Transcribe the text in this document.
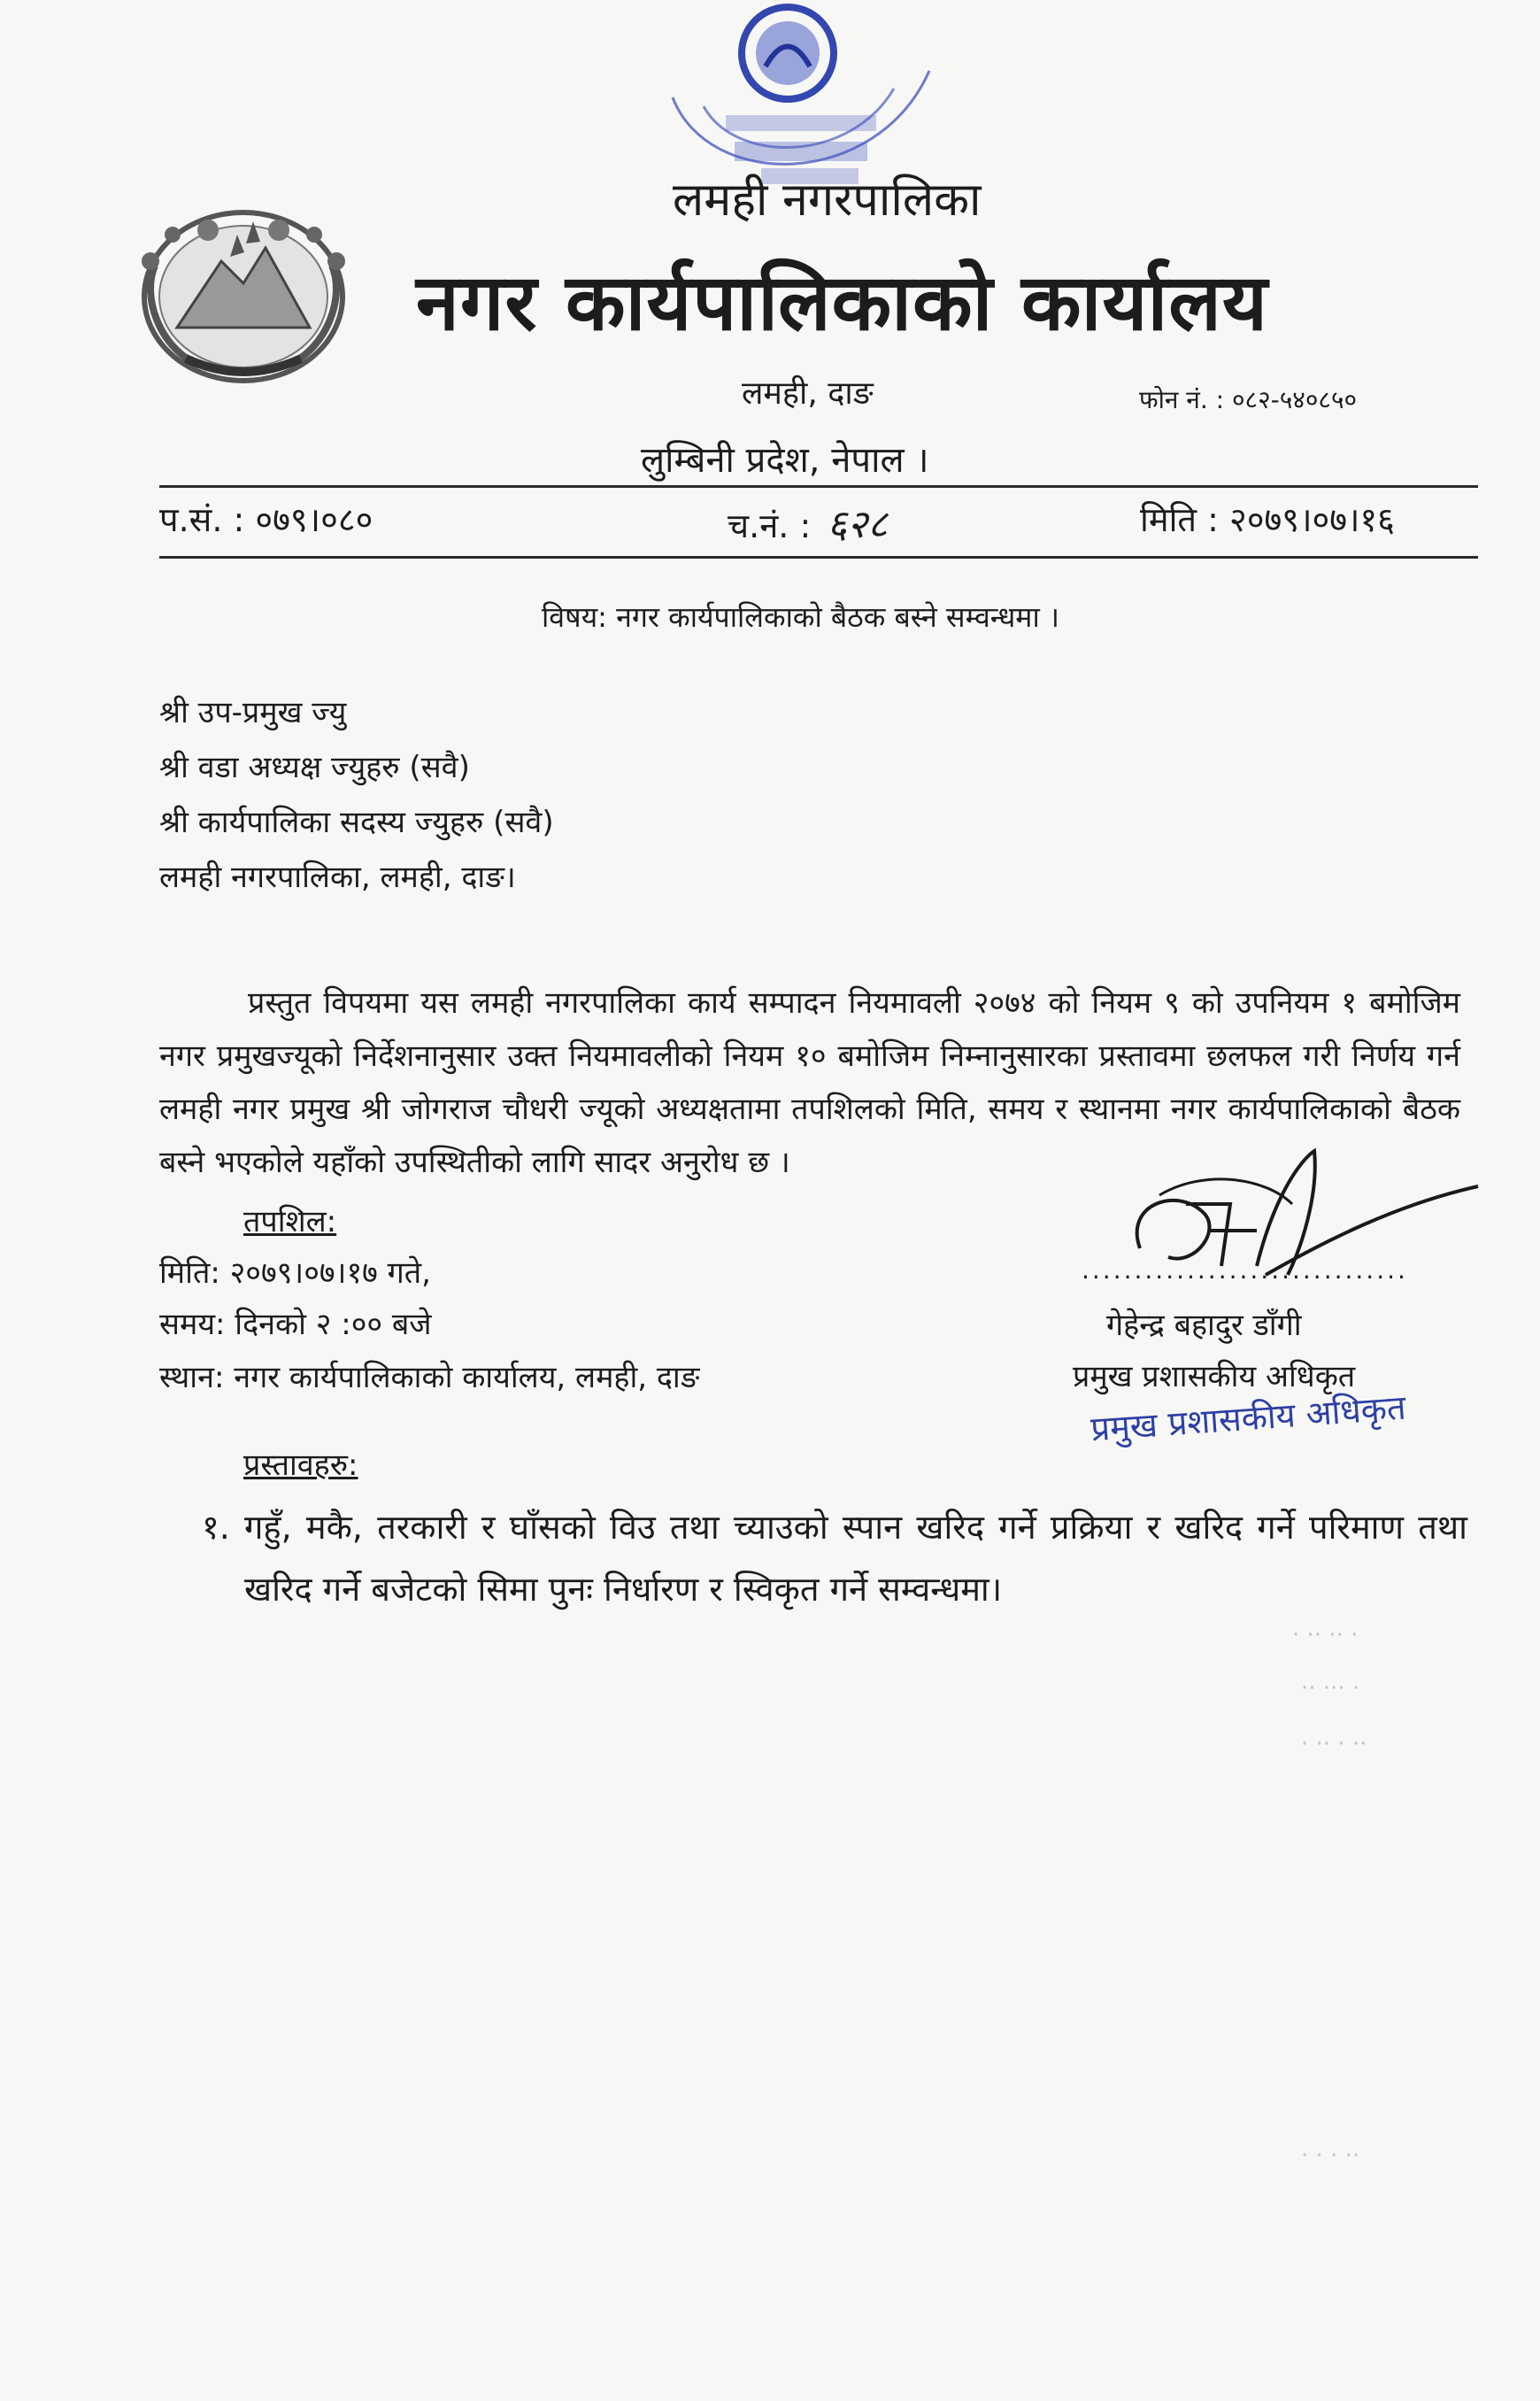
लमही नगरपालिका
नगर कार्यपालिकाको कार्यालय
लमही, दाङ	फोन नं. : ०८२-५४०८५०
लुम्बिनी प्रदेश, नेपाल ।
प.सं. : ०७९।०८०	च.नं. : ६२८	मिति : २०७९।०७।१६
विषय: नगर कार्यपालिकाको बैठक बस्ने सम्वन्धमा ।
श्री उप-प्रमुख ज्यु
श्री वडा अध्यक्ष ज्युहरु (सवै)
श्री कार्यपालिका सदस्य ज्युहरु (सवै)
लमही नगरपालिका, लमही, दाङ।
प्रस्तुत विपयमा यस लमही नगरपालिका कार्य सम्पादन नियमावली २०७४ को नियम ९ को उपनियम १ बमोजिम नगर प्रमुखज्यूको निर्देशनानुसार उक्त नियमावलीको नियम १० बमोजिम निम्नानुसारका प्रस्तावमा छलफल गरी निर्णय गर्न लमही नगर प्रमुख श्री जोगराज चौधरी ज्यूको अध्यक्षतामा तपशिलको मिति, समय र स्थानमा नगर कार्यपालिकाको बैठक बस्ने भएकोले यहाँको उपस्थितीको लागि सादर अनुरोध छ ।
तपशिल:
मिति: २०७९।०७।१७ गते,
समय: दिनको २ :०० बजे
स्थान: नगर कार्यपालिकाको कार्यालय, लमही, दाङ
...............................
गेहेन्द्र बहादुर डाँगी
प्रमुख प्रशासकीय अधिकृत
प्रमुख प्रशासकीय अधिकृत
प्रस्तावहरु:
१. गहुँ, मकै, तरकारी र घाँसको विउ तथा च्याउको स्पान खरिद गर्ने प्रक्रिया र खरिद गर्ने परिमाण तथा खरिद गर्ने बजेटको सिमा पुनः निर्धारण र स्विकृत गर्ने सम्वन्धमा।
· ·· ·· ·
·· ··· ·
· ·· · ··
· · · ··
